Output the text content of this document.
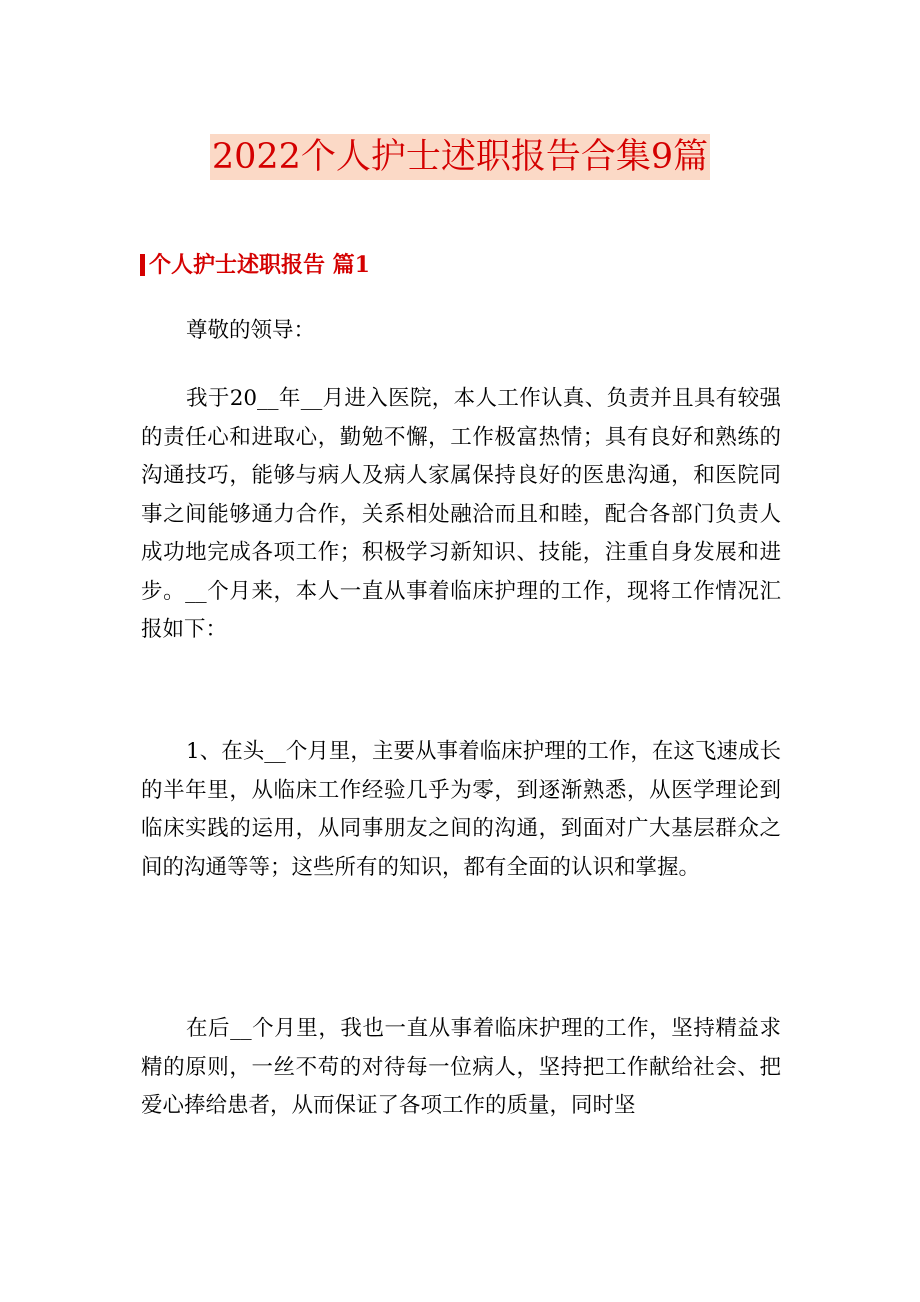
2022个人护士述职报告合集9篇
个人护士述职报告 篇1

尊敬的领导：

我于20__年__月进入医院，本人工作认真、负责并且具有较强的责任心和进取心，勤勉不懈，工作极富热情；具有良好和熟练的沟通技巧，能够与病人及病人家属保持良好的医患沟通，和医院同事之间能够通力合作，关系相处融洽而且和睦，配合各部门负责人成功地完成各项工作；积极学习新知识、技能，注重自身发展和进步。__个月来，本人一直从事着临床护理的工作，现将工作情况汇报如下：

1、在头__个月里，主要从事着临床护理的工作，在这飞速成长的半年里，从临床工作经验几乎为零，到逐渐熟悉，从医学理论到临床实践的运用，从同事朋友之间的沟通，到面对广大基层群众之间的沟通等等；这些所有的知识，都有全面的认识和掌握。

在后__个月里，我也一直从事着临床护理的工作，坚持精益求精的原则，一丝不苟的对待每一位病人，坚持把工作献给社会、把爱心捧给患者，从而保证了各项工作的质量，同时坚
